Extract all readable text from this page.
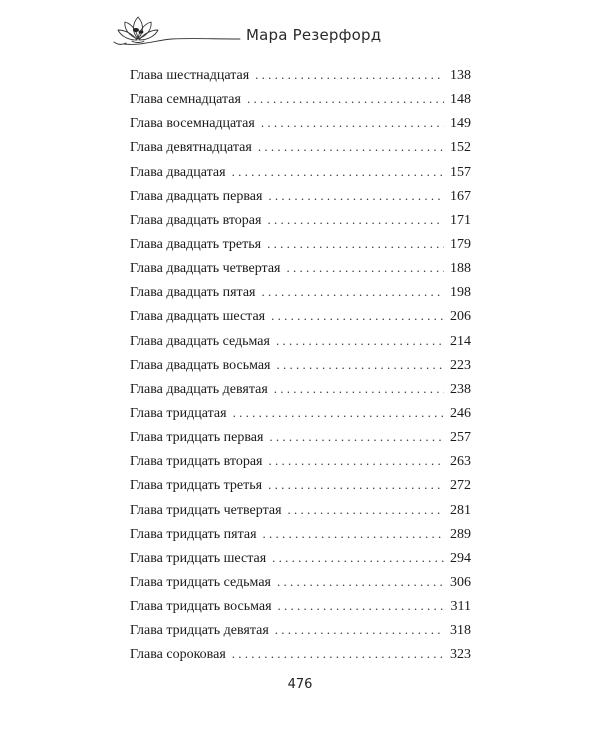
Мара Резерфорд
Глава шестнадцатая . . .	138
Глава семнадцатая . . .	148
Глава восемнадцатая . . .	149
Глава девятнадцатая . . .	152
Глава двадцатая . . .	157
Глава двадцать первая . . .	167
Глава двадцать вторая . . .	171
Глава двадцать третья . . .	179
Глава двадцать четвертая . . .	188
Глава двадцать пятая . . .	198
Глава двадцать шестая . . .	206
Глава двадцать седьмая . . .	214
Глава двадцать восьмая . . .	223
Глава двадцать девятая . . .	238
Глава тридцатая . . .	246
Глава тридцать первая . . .	257
Глава тридцать вторая . . .	263
Глава тридцать третья . . .	272
Глава тридцать четвертая . . .	281
Глава тридцать пятая . . .	289
Глава тридцать шестая . . .	294
Глава тридцать седьмая . . .	306
Глава тридцать восьмая . . .	311
Глава тридцать девятая . . .	318
Глава сороковая . . .	323
476
